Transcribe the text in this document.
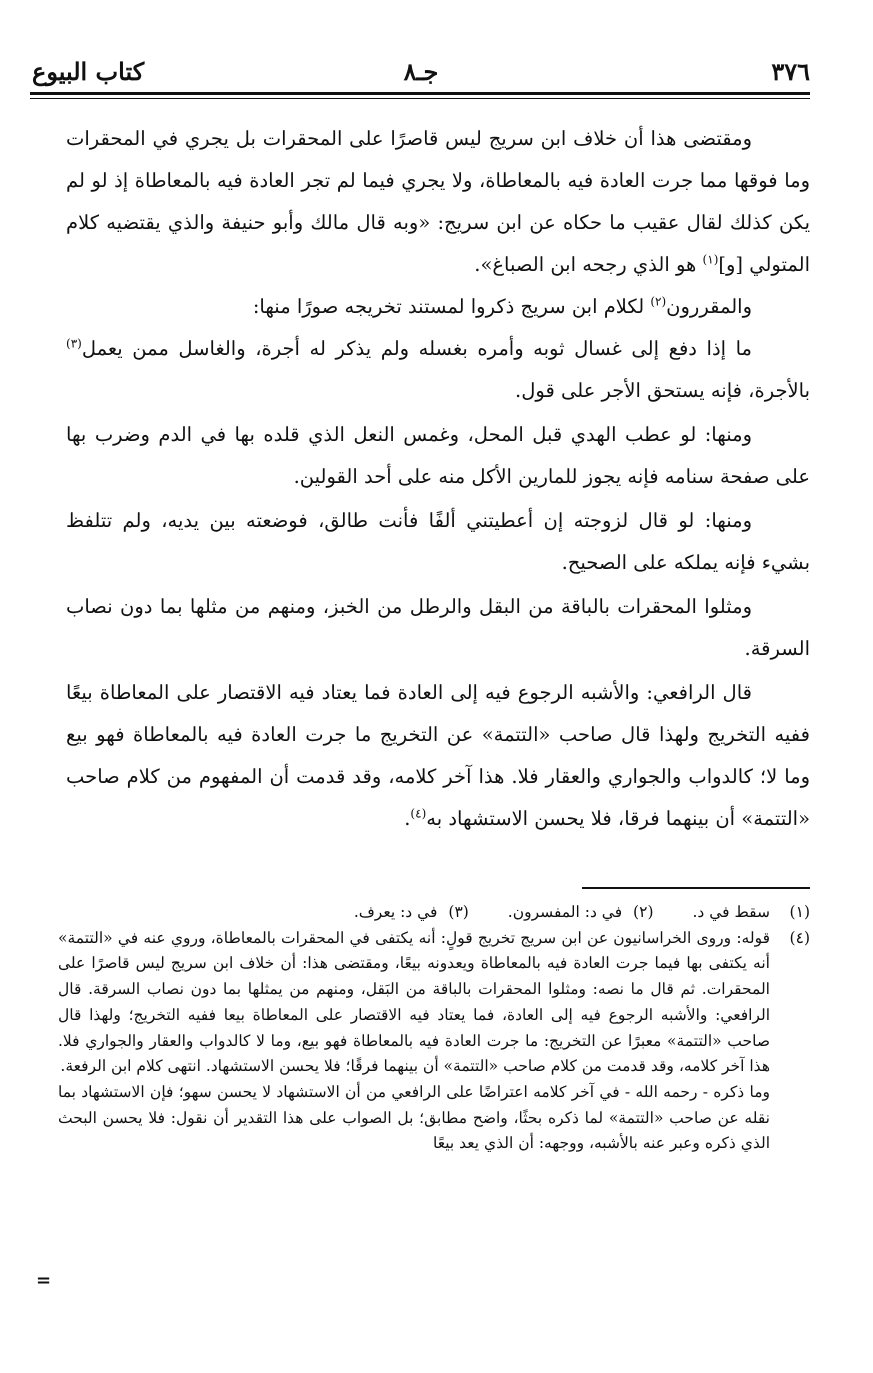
كتاب البيوع	جـ٨	٣٧٦

ومقتضى هذا أن خلاف ابن سريج ليس قاصرًا على المحقرات بل يجري في المحقرات وما فوقها مما جرت العادة فيه بالمعاطاة، ولا يجري فيما لم تجر العادة فيه بالمعاطاة إذ لو لم يكن كذلك لقال عقيب ما حكاه عن ابن سريج: «وبه قال مالك وأبو حنيفة والذي يقتضيه كلام المتولي [و]$^{(١)}$ هو الذي رجحه ابن الصباغ».

والمقررون$^{(٢)}$ لكلام ابن سريج ذكروا لمستند تخريجه صورًا منها:

ما إذا دفع إلى غسال ثوبه وأمره بغسله ولم يذكر له أجرة، والغاسل ممن يعمل$^{(٣)}$ بالأجرة، فإنه يستحق الأجر على قول.

ومنها: لو عطب الهدي قبل المحل، وغمس النعل الذي قلده بها في الدم وضرب بها على صفحة سنامه فإنه يجوز للمارين الأكل منه على أحد القولين.

ومنها: لو قال لزوجته إن أعطيتني ألفًا فأنت طالق، فوضعته بين يديه، ولم تتلفظ بشيء فإنه يملكه على الصحيح.

ومثلوا المحقرات بالباقة من البقل والرطل من الخبز، ومنهم من مثلها بما دون نصاب السرقة.

قال الرافعي: والأشبه الرجوع فيه إلى العادة فما يعتاد فيه الاقتصار على المعاطاة بيعًا ففيه التخريج ولهذا قال صاحب «التتمة» عن التخريج ما جرت العادة فيه بالمعاطاة فهو بيع وما لا؛ كالدواب والجواري والعقار فلا. هذا آخر كلامه، وقد قدمت أن المفهوم من كلام صاحب «التتمة» أن بينهما فرقا، فلا يحسن الاستشهاد به$^{(٤)}$.

(١)
سقط في د. (٢) في د: المفسرون. (٣) في د: يعرف.
(٤)
قوله: وروى الخراسانيون عن ابن سريج تخريج قولٍ: أنه يكتفى في المحقرات بالمعاطاة، وروي عنه في «التتمة» أنه يكتفى بها فيما جرت العادة فيه بالمعاطاة ويعدونه بيعًا، ومقتضى هذا: أن خلاف ابن سريج ليس قاصرًا على المحقرات. ثم قال ما نصه: ومثلوا المحقرات بالباقة من البَقل، ومنهم من يمثلها بما دون نصاب السرقة. قال الرافعي: والأشبه الرجوع فيه إلى العادة، فما يعتاد فيه الاقتصار على المعاطاة بيعا ففيه التخريج؛ ولهذا قال صاحب «التتمة» معبرًا عن التخريج: ما جرت العادة فيه بالمعاطاة فهو بيع، وما لا كالدواب والعقار والجواري فلا. هذا آخر كلامه، وقد قدمت من كلام صاحب «التتمة» أن بينهما فرقًا؛ فلا يحسن الاستشهاد. انتهى كلام ابن الرفعة.
وما ذكره - رحمه الله - في آخر كلامه اعتراضًا على الرافعي من أن الاستشهاد لا يحسن سهو؛ فإن الاستشهاد بما نقله عن صاحب «التتمة» لما ذكره بحثًا، واضح مطابق؛ بل الصواب على هذا التقدير أن نقول: فلا يحسن البحث الذي ذكره وعبر عنه بالأشبه، ووجهه: أن الذي يعد بيعًا
=
